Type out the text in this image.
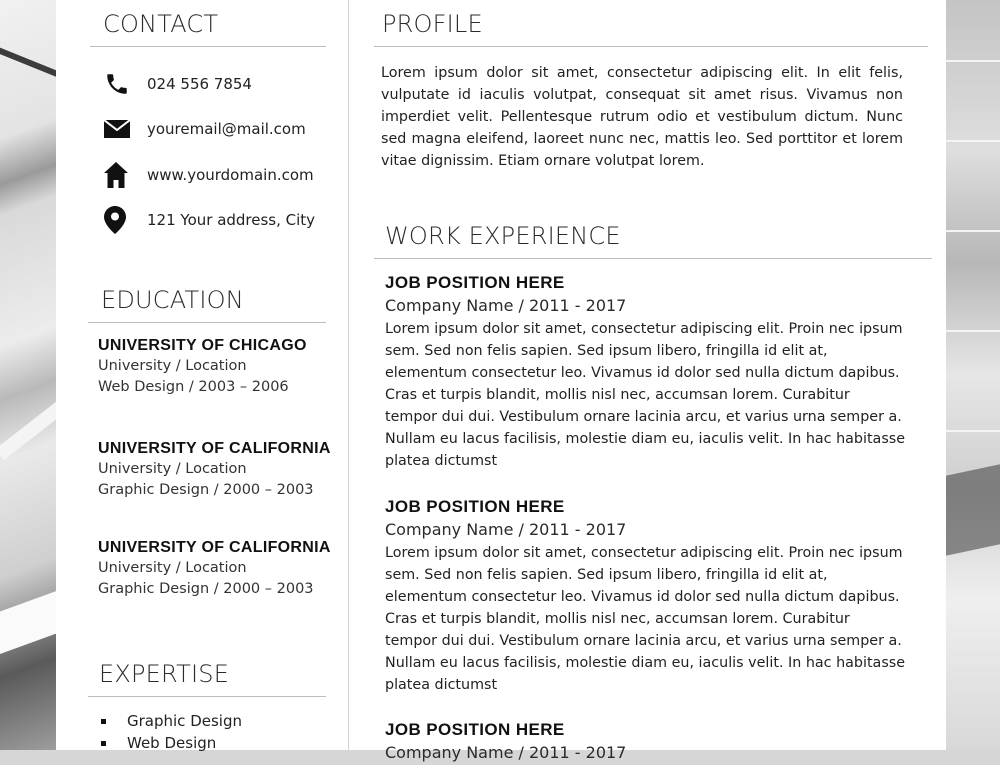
CONTACT
024 556 7854
youremail@mail.com
www.yourdomain.com
121 Your address, City
EDUCATION
UNIVERSITY OF CHICAGO
University / Location
Web Design / 2003 – 2006
UNIVERSITY OF CALIFORNIA
University / Location
Graphic Design / 2000 – 2003
UNIVERSITY OF CALIFORNIA
University / Location
Graphic Design / 2000 – 2003
EXPERTISE
Graphic Design
Web Design
PROFILE

Lorem ipsum dolor sit amet, consectetur adipiscing elit. In elit felis, vulputate id iaculis volutpat, consequat sit amet risus. Vivamus non imperdiet velit. Pellentesque rutrum odio et vestibulum dictum. Nunc sed magna eleifend, laoreet nunc nec, mattis leo. Sed porttitor et lorem vitae dignissim. Etiam ornare volutpat lorem.

WORK EXPERIENCE
JOB POSITION HERE
Company Name / 2011 - 2017

Lorem ipsum dolor sit amet, consectetur adipiscing elit. Proin nec ipsum sem. Sed non felis sapien. Sed ipsum libero, fringilla id elit at, elementum consectetur leo. Vivamus id dolor sed nulla dictum dapibus. Cras et turpis blandit, mollis nisl nec, accumsan lorem. Curabitur tempor dui dui. Vestibulum ornare lacinia arcu, et varius urna semper a. Nullam eu lacus facilisis, molestie diam eu, iaculis velit. In hac habitasse platea dictumst

JOB POSITION HERE
Company Name / 2011 - 2017

Lorem ipsum dolor sit amet, consectetur adipiscing elit. Proin nec ipsum sem. Sed non felis sapien. Sed ipsum libero, fringilla id elit at, elementum consectetur leo. Vivamus id dolor sed nulla dictum dapibus. Cras et turpis blandit, mollis nisl nec, accumsan lorem. Curabitur tempor dui dui. Vestibulum ornare lacinia arcu, et varius urna semper a. Nullam eu lacus facilisis, molestie diam eu, iaculis velit. In hac habitasse platea dictumst

JOB POSITION HERE
Company Name / 2011 - 2017
